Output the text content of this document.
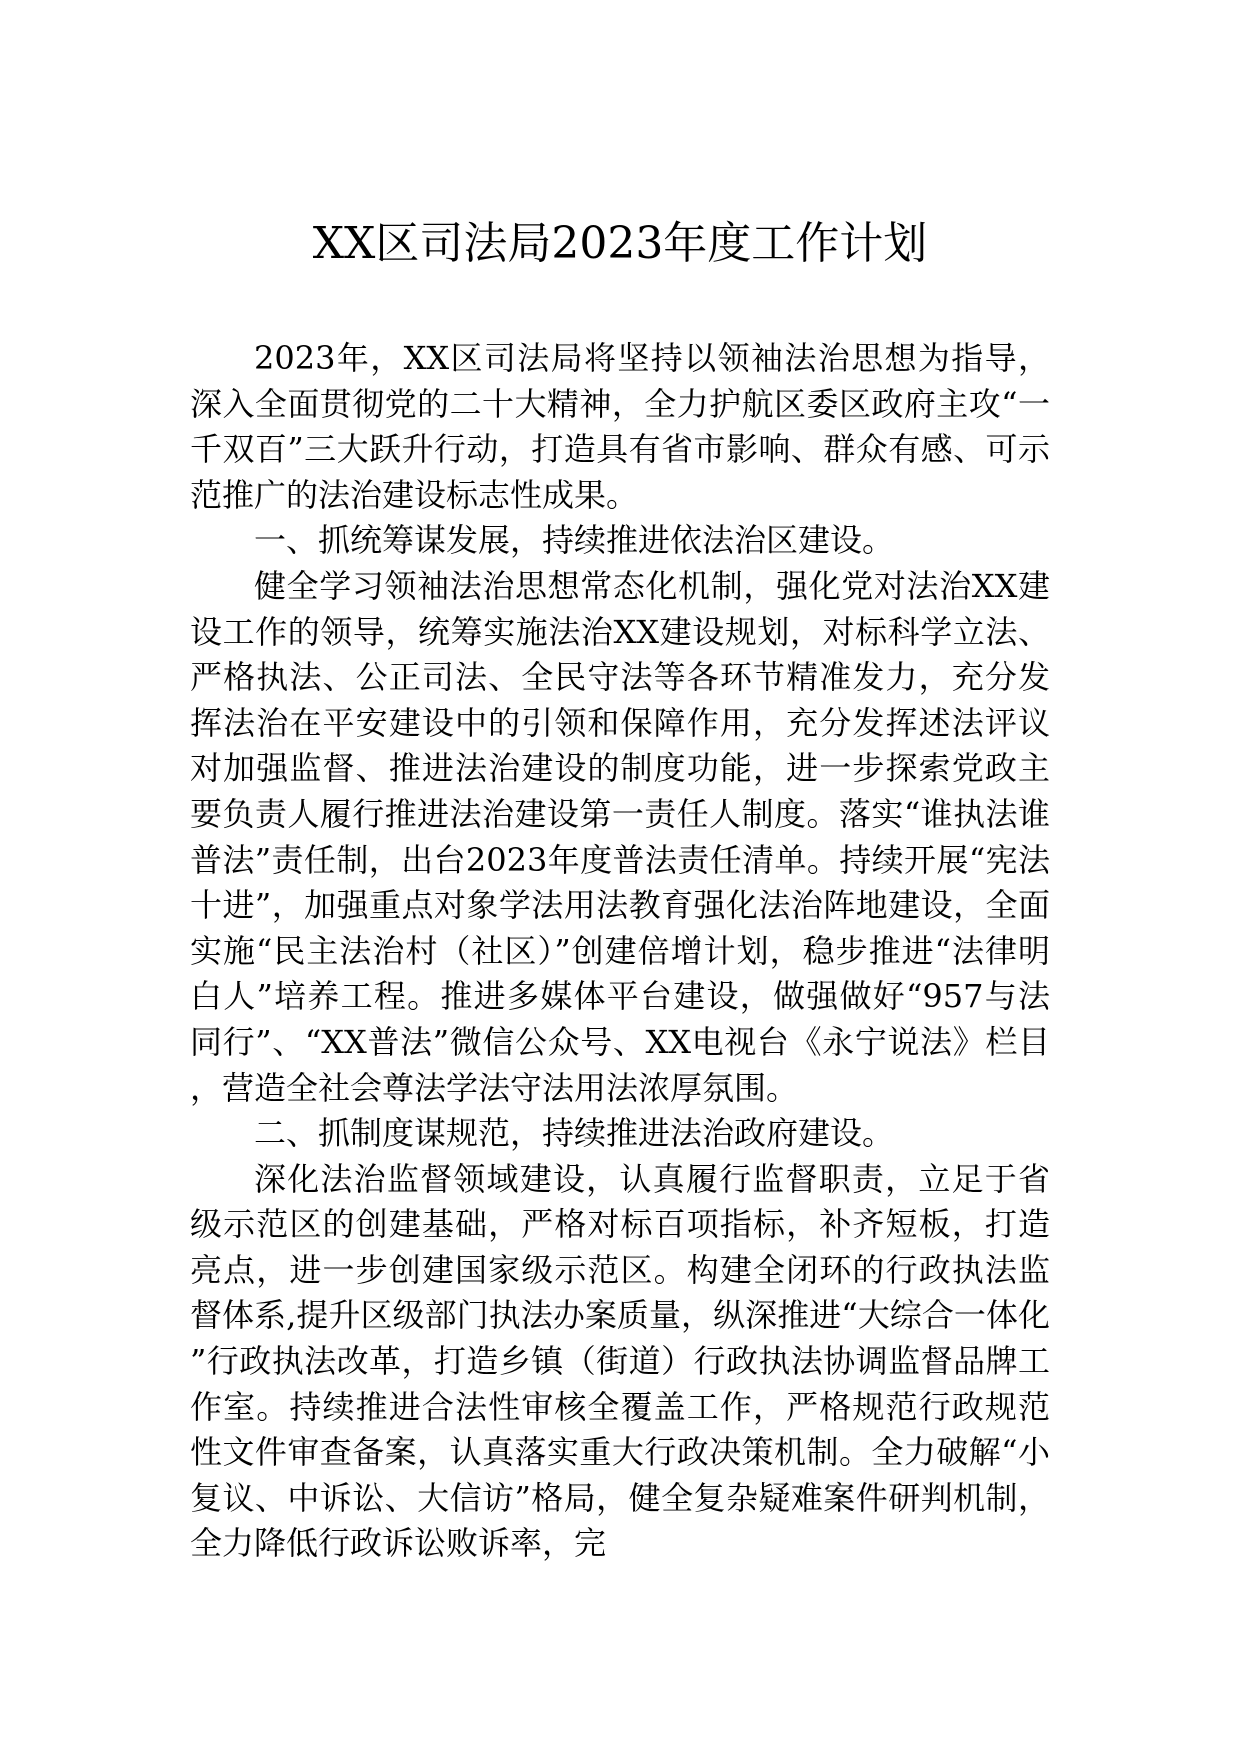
XX区司法局2023年度工作计划

2023年，XX区司法局将坚持以领袖法治思想为指导，深入全面贯彻党的二十大精神，全力护航区委区政府主攻“一千双百”三大跃升行动，打造具有省市影响、群众有感、可示范推广的法治建设标志性成果。

一、抓统筹谋发展，持续推进依法治区建设。

健全学习领袖法治思想常态化机制，强化党对法治XX建设工作的领导，统筹实施法治XX建设规划，对标科学立法、严格执法、公正司法、全民守法等各环节精准发力，充分发挥法治在平安建设中的引领和保障作用，充分发挥述法评议对加强监督、推进法治建设的制度功能，进一步探索党政主要负责人履行推进法治建设第一责任人制度。落实“谁执法谁普法”责任制，出台2023年度普法责任清单。持续开展“宪法十进”，加强重点对象学法用法教育强化法治阵地建设，全面实施“民主法治村（社区）”创建倍增计划，稳步推进“法律明白人”培养工程。推进多媒体平台建设，做强做好“957与法同行”、“XX普法”微信公众号、XX电视台《永宁说法》栏目，营造全社会尊法学法守法用法浓厚氛围。

二、抓制度谋规范，持续推进法治政府建设。

深化法治监督领域建设，认真履行监督职责，立足于省级示范区的创建基础，严格对标百项指标，补齐短板，打造亮点，进一步创建国家级示范区。构建全闭环的行政执法监督体系,提升区级部门执法办案质量，纵深推进“大综合一体化”行政执法改革，打造乡镇（街道）行政执法协调监督品牌工作室。持续推进合法性审核全覆盖工作，严格规范行政规范性文件审查备案，认真落实重大行政决策机制。全力破解“小复议、中诉讼、大信访”格局，健全复杂疑难案件研判机制，全力降低行政诉讼败诉率，完
